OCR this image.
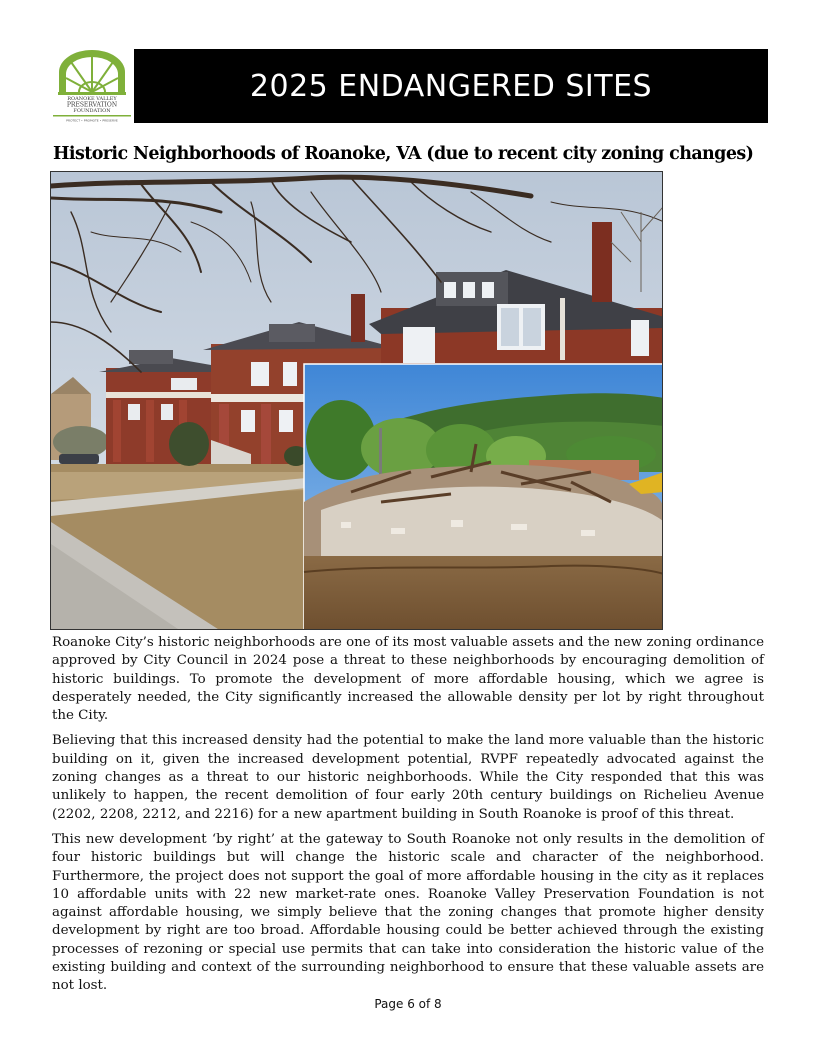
ROANOKE VALLEY
PRESERVATION
FOUNDATION
PROTECT • PROMOTE • PRESERVE
2025 ENDANGERED SITES
Historic Neighborhoods of Roanoke, VA (due to recent city zoning changes)

Roanoke City’s historic neighborhoods are one of its most valuable assets and the new zoning ordinance approved by City Council in 2024 pose a threat to these neighborhoods by encouraging demolition of historic buildings. To promote the development of more affordable housing, which we agree is desperately needed, the City significantly increased the allowable density per lot by right throughout the City.

Believing that this increased density had the potential to make the land more valuable than the historic building on it, given the increased development potential, RVPF repeatedly advocated against the zoning changes as a threat to our historic neighborhoods. While the City responded that this was unlikely to happen, the recent demolition of four early 20th century buildings on Richelieu Avenue (2202, 2208, 2212, and 2216) for a new apartment building in South Roanoke is proof of this threat.

This new development ‘by right’ at the gateway to South Roanoke not only results in the demolition of four historic buildings but will change the historic scale and character of the neighborhood. Furthermore, the project does not support the goal of more affordable housing in the city as it replaces 10 affordable units with 22 new market-rate ones. Roanoke Valley Preservation Foundation is not against affordable housing, we simply believe that the zoning changes that promote higher density development by right are too broad. Affordable housing could be better achieved through the existing processes of rezoning or special use permits that can take into consideration the historic value of the existing building and context of the surrounding neighborhood to ensure that these valuable assets are not lost.

Page 6 of 8
